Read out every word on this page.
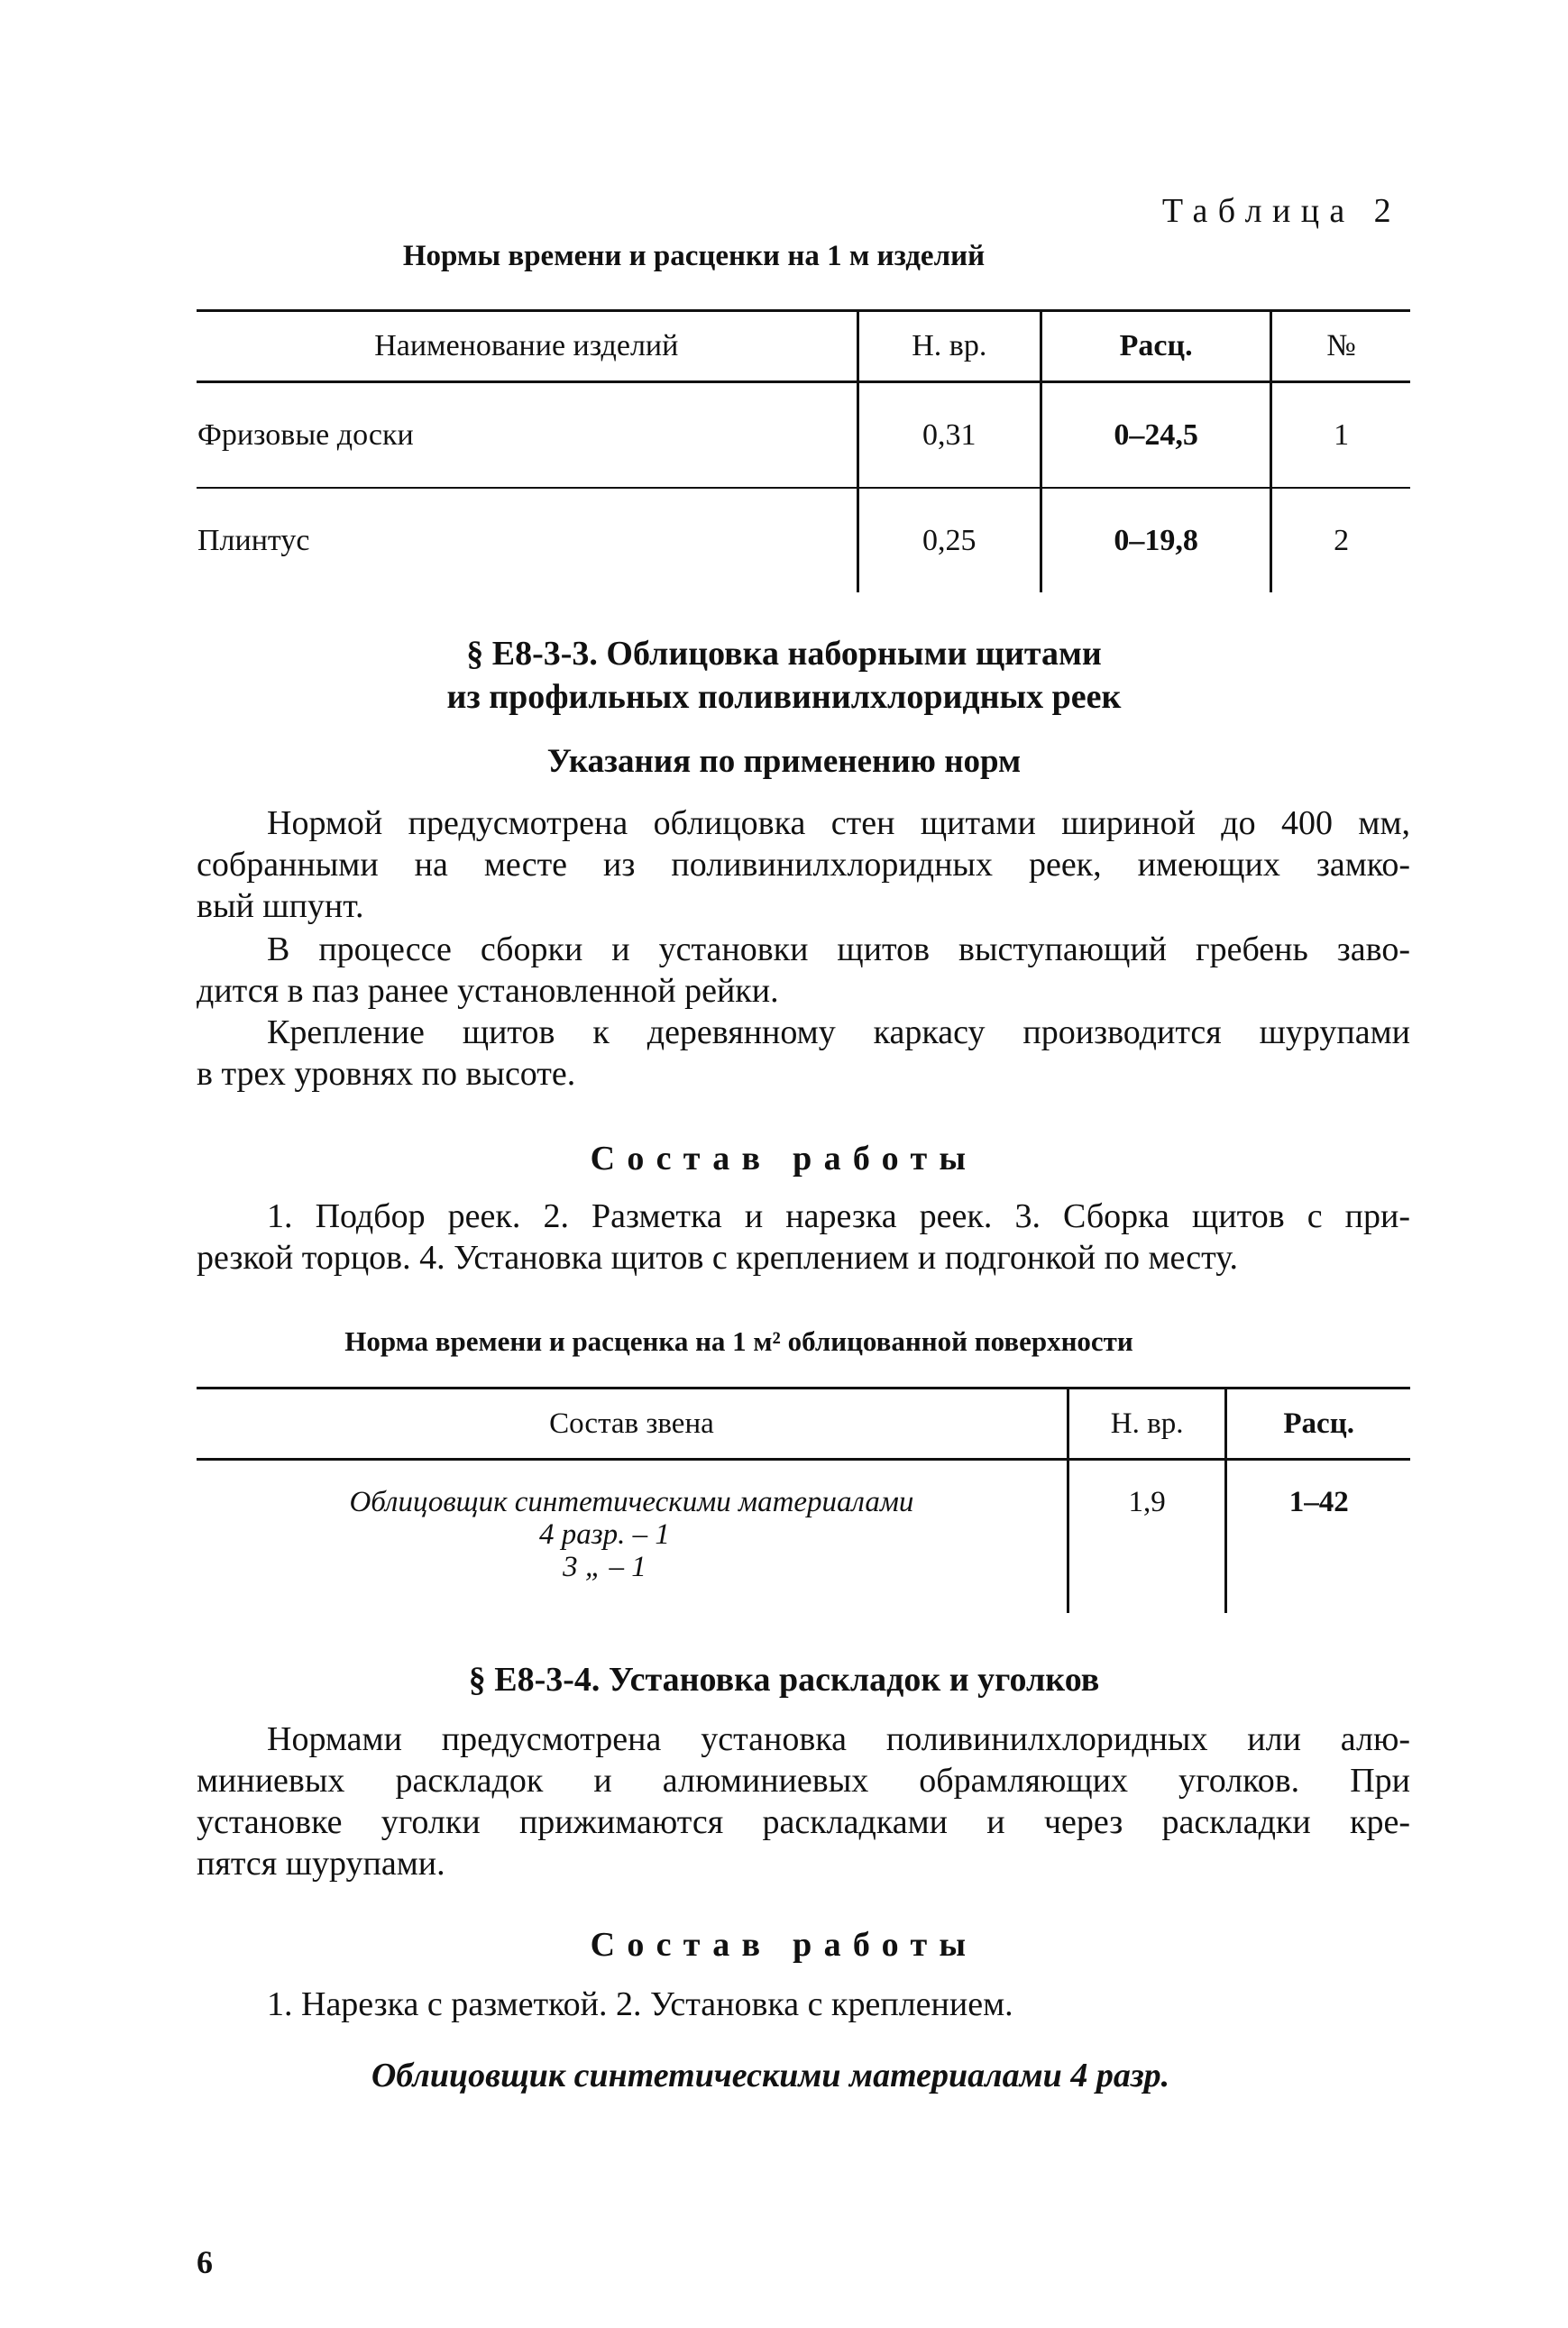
Таблица 2
Нормы времени и расценки на 1 м изделий
Наименование изделий	Н. вр.	Расц.	№
Фризовые доски	0,31	0–24,5	1
Плинтус	0,25	0–19,8	2
§ Е8-3-3. Облицовка наборными щитами
из профильных поливинилхлоридных реек
Указания по применению норм
Нормой предусмотрена облицовка стен щитами шириной до 400 мм,
собранными на месте из поливинилхлоридных реек, имеющих замко-
вый шпунт.
В процессе сборки и установки щитов выступающий гребень заво-
дится в паз ранее установленной рейки.
Крепление щитов к деревянному каркасу производится шурупами
в трех уровнях по высоте.
Состав работы
1. Подбор реек. 2. Разметка и нарезка реек. 3. Сборка щитов с при-
резкой торцов. 4. Установка щитов с креплением и подгонкой по месту.
Норма времени и расценка на 1 м² облицованной поверхности
Состав звена	Н. вр.	Расц.

Облицовщик синтетическими материалами
4 разр. – 1
3 „ – 1	1,9	1–42
§ Е8-3-4. Установка раскладок и уголков
Нормами предусмотрена установка поливинилхлоридных или алю-
миниевых раскладок и алюминиевых обрамляющих уголков. При
установке уголки прижимаются раскладками и через раскладки кре-
пятся шурупами.
Состав работы
1. Нарезка с разметкой. 2. Установка с креплением.
Облицовщик синтетическими материалами 4 разр.
6
